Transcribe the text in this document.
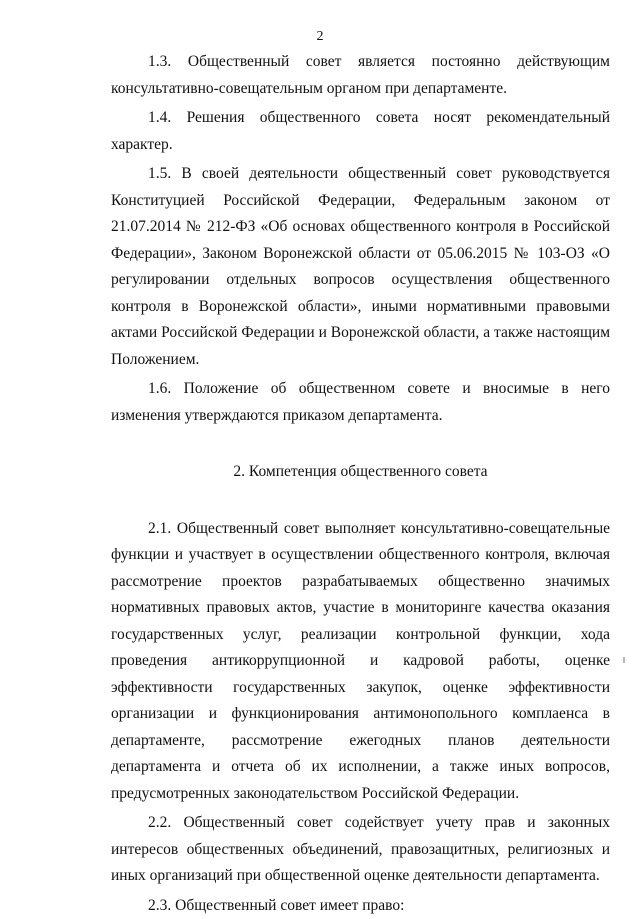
2

1.3. Общественный совет является постоянно действующим консультативно-совещательным органом при департаменте.

1.4. Решения общественного совета носят рекомендательный характер.

1.5. В своей деятельности общественный совет руководствуется Конституцией Российской Федерации, Федеральным законом от 21.07.2014 № 212-ФЗ «Об основах общественного контроля в Российской Федерации», Законом Воронежской области от 05.06.2015 № 103-ОЗ «О регулировании отдельных вопросов осуществления общественного контроля в Воронежской области», иными нормативными правовыми актами Российской Федерации и Воронежской области, а также настоящим Положением.

1.6. Положение об общественном совете и вносимые в него изменения утверждаются приказом департамента.

2. Компетенция общественного совета

2.1. Общественный совет выполняет консультативно-совещательные функции и участвует в осуществлении общественного контроля, включая рассмотрение проектов разрабатываемых общественно значимых нормативных правовых актов, участие в мониторинге качества оказания государственных услуг, реализации контрольной функции, хода проведения антикоррупционной и кадровой работы, оценке эффективности государственных закупок, оценке эффективности организации и функционирования антимонопольного комплаенса в департаменте, рассмотрение ежегодных планов деятельности департамента и отчета об их исполнении, а также иных вопросов, предусмотренных законодательством Российской Федерации.

2.2. Общественный совет содействует учету прав и законных интересов общественных объединений, правозащитных, религиозных и иных организаций при общественной оценке деятельности департамента.

2.3. Общественный совет имеет право:
